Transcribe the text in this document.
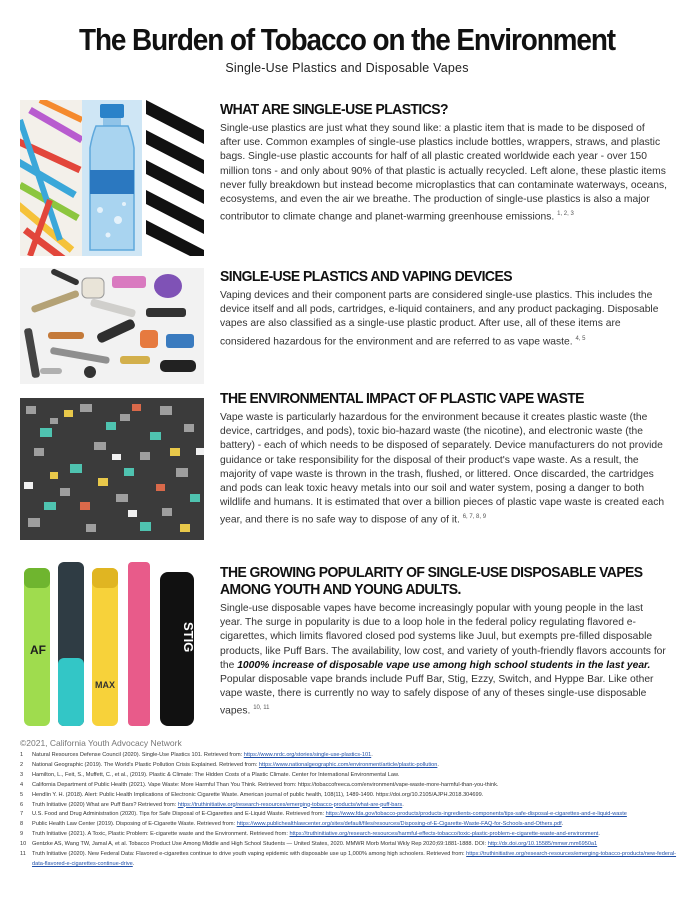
The Burden of Tobacco on the Environment
Single-Use Plastics and Disposable Vapes
WHAT ARE SINGLE-USE PLASTICS?

Single-use plastics are just what they sound like: a plastic item that is made to be disposed of after use. Common examples of single-use plastics include bottles, wrappers, straws, and plastic bags. Single-use plastic accounts for half of all plastic created worldwide each year - over 150 million tons - and only about 90% of that plastic is actually recycled. Left alone, these plastic items never fully breakdown but instead become microplastics that can contaminate waterways, oceans, ecosystems, and even the air we breathe. The production of single-use plastics is also a major contributor to climate change and planet-warming greenhouse emissions. $^{1, 2, 3}$

SINGLE-USE PLASTICS AND VAPING DEVICES

Vaping devices and their component parts are considered single-use plastics. This includes the device itself and all pods, cartridges, e-liquid containers, and any product packaging. Disposable vapes are also classified as a single-use plastic product. After use, all of these items are considered hazardous for the environment and are referred to as vape waste. $^{4, 5}$

THE ENVIRONMENTAL IMPACT OF PLASTIC VAPE WASTE

Vape waste is particularly hazardous for the environment because it creates plastic waste (the device, cartridges, and pods), toxic bio-hazard waste (the nicotine), and electronic waste (the battery) - each of which needs to be disposed of separately. Device manufacturers do not provide guidance or take responsibility for the disposal of their product's vape waste. As a result, the majority of vape waste is thrown in the trash, flushed, or littered. Once discarded, the cartridges and pods can leak toxic heavy metals into our soil and water system, posing a danger to both wildlife and humans. It is estimated that over a billion pieces of plastic vape waste is created each year, and there is no safe way to dispose of any of it. $^{6, 7, 8, 9}$

AF
MAX
STIG
THE GROWING POPULARITY OF SINGLE-USE DISPOSABLE VAPES AMONG YOUTH AND YOUNG ADULTS.

Single-use disposable vapes have become increasingly popular with young people in the last year. The surge in popularity is due to a loop hole in the federal policy regulating flavored e-cigarettes, which limits flavored closed pod systems like Juul, but exempts pre-filled disposable products, like Puff Bars. The availability, low cost, and variety of youth-friendly flavors accounts for the 1000% increase of disposable vape use among high school students in the last year. Popular disposable vape brands include Puff Bar, Stig, Ezzy, Switch, and Hyppe Bar. Like other vape waste, there is currently no way to safely dispose of any of theses single-use disposable vapes. $^{10, 11}$

©2021, California Youth Advocacy Network
1	Natural Resources Defense Council (2020). Single-Use Plastics 101. Retrieved from: https://www.nrdc.org/stories/single-use-plastics-101.
2	National Geographic (2019). The World's Plastic Pollution Crisis Explained. Retrieved from: https://www.nationalgeographic.com/environment/article/plastic-pollution.
3	Hamilton, L., Feit, S., Muffett, C., et al., (2019). Plastic & Climate: The Hidden Costs of a Plastic Climate. Center for International Environmental Law.
4	California Department of Public Health (2021). Vape Waste: More Harmful Than You Think. Retrieved from: https://tobaccofreeca.com/environment/vape-waste-more-harmful-than-you-think.
5	Hendlin Y. H. (2018). Alert: Public Health Implications of Electronic Cigarette Waste. American journal of public health, 108(11), 1489-1490. https://doi.org/10.2105/AJPH.2018.304699.
6	Truth Initiative (2020) What are Puff Bars? Retrieved from: https://truthinitiative.org/research-resources/emerging-tobacco-products/what-are-puff-bars.
7	U.S. Food and Drug Administration (2020). Tips for Safe Disposal of E-Cigarettes and E-Liquid Waste. Retrieved from: https://www.fda.gov/tobacco-products/products-ingredients-components/tips-safe-disposal-e-cigarettes-and-e-liquid-waste
8	Public Health Law Center (2019). Disposing of E-Cigarette Waste. Retrieved from: https://www.publichealthlawcenter.org/sites/default/files/resources/Disposing-of-E-Cigarette-Waste-FAQ-for-Schools-and-Others.pdf.
9	Truth Initiative (2021). A Toxic, Plastic Problem: E-cigarette waste and the Environment. Retrieved from: https://truthinitiative.org/research-resources/harmful-effects-tobacco/toxic-plastic-problem-e-cigarette-waste-and-environment.
10	Gentzke AS, Wang TW, Jamal A, et al. Tobacco Product Use Among Middle and High School Students — United States, 2020. MMWR Morb Mortal Wkly Rep 2020;69:1881-1888. DOI: http://dx.doi.org/10.15585/mmwr.mm6950a1
11	Truth Initiative (2020). New Federal Data: Flavored e-cigarettes continue to drive youth vaping epidemic with disposable use up 1,000% among high schoolers. Retrieved from: https://truthinitiative.org/research-resources/emerging-tobacco-products/new-federal-data-flavored-e-cigarettes-continue-drive.
